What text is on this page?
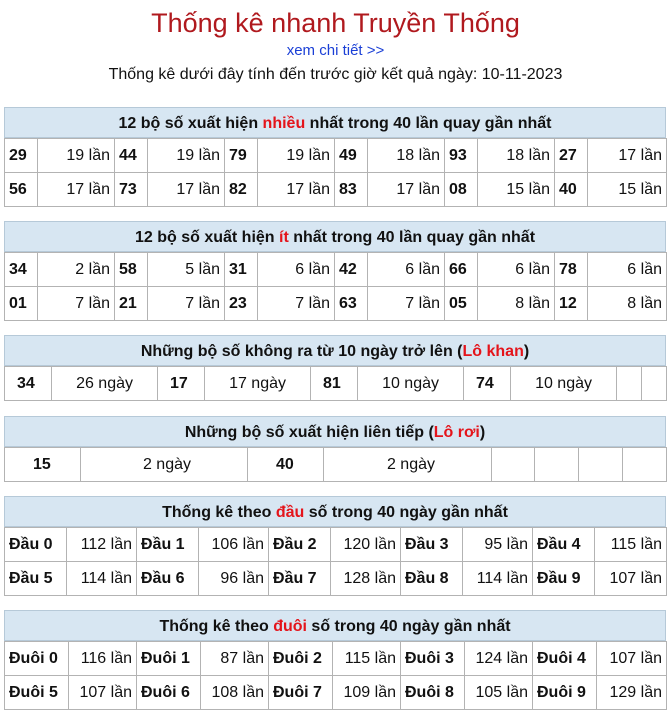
Thống kê nhanh Truyền Thống
xem chi tiết >>
Thống kê dưới đây tính đến trước giờ kết quả ngày: 10-11-2023
12 bộ số xuất hiện nhiều nhất trong 40 lần quay gần nhất
29	19 lần	44	19 lần	79	19 lần	49	18 lần	93	18 lần	27	17 lần
56	17 lần	73	17 lần	82	17 lần	83	17 lần	08	15 lần	40	15 lần
12 bộ số xuất hiện ít nhất trong 40 lần quay gần nhất
34	2 lần	58	5 lần	31	6 lần	42	6 lần	66	6 lần	78	6 lần
01	7 lần	21	7 lần	23	7 lần	63	7 lần	05	8 lần	12	8 lần
Những bộ số không ra từ 10 ngày trở lên (Lô khan)
34	26 ngày	17	17 ngày	81	10 ngày	74	10 ngày		
Những bộ số xuất hiện liên tiếp (Lô rơi)
15	2 ngày	40	2 ngày				
Thống kê theo đầu số trong 40 ngày gần nhất
Đầu 0	112 lần	Đầu 1	106 lần	Đầu 2	120 lần	Đầu 3	95 lần	Đầu 4	115 lần
Đầu 5	114 lần	Đầu 6	96 lần	Đầu 7	128 lần	Đầu 8	114 lần	Đầu 9	107 lần
Thống kê theo đuôi số trong 40 ngày gần nhất
Đuôi 0	116 lần	Đuôi 1	87 lần	Đuôi 2	115 lần	Đuôi 3	124 lần	Đuôi 4	107 lần
Đuôi 5	107 lần	Đuôi 6	108 lần	Đuôi 7	109 lần	Đuôi 8	105 lần	Đuôi 9	129 lần
